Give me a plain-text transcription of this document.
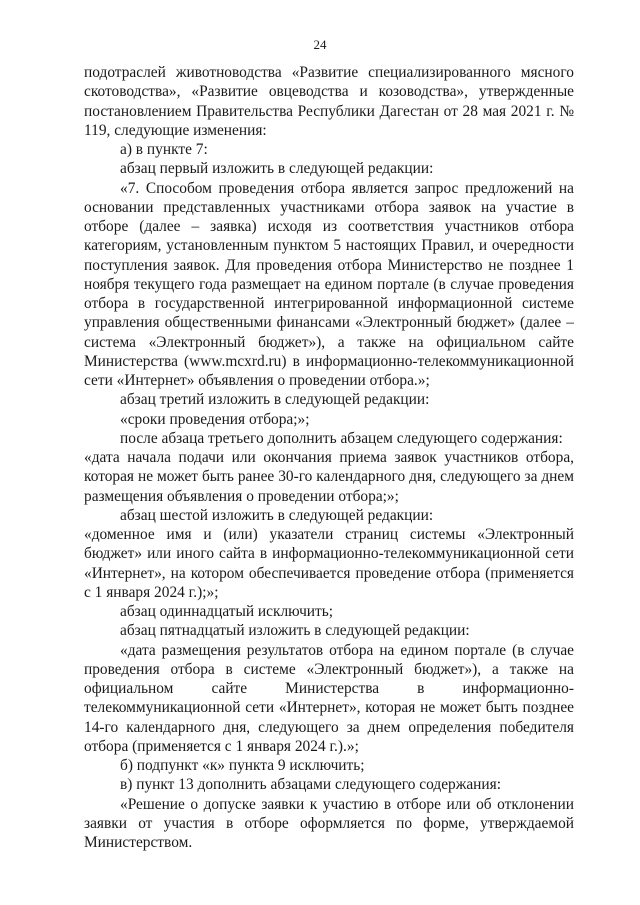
24

подотраслей животноводства «Развитие специализированного мясного скотоводства», «Развитие овцеводства и козоводства», утвержденные постановлением Правительства Республики Дагестан от 28 мая 2021 г. № 119, следующие изменения:

а) в пункте 7:

абзац первый изложить в следующей редакции:

«7. Способом проведения отбора является запрос предложений на основании представленных участниками отбора заявок на участие в отборе (далее – заявка) исходя из соответствия участников отбора категориям, установленным пунктом 5 настоящих Правил, и очередности поступления заявок. Для проведения отбора Министерство не позднее 1 ноября текущего года размещает на едином портале (в случае проведения отбора в государственной интегрированной информационной системе управления общественными финансами «Электронный бюджет» (далее – система «Электронный бюджет»), а также на официальном сайте Министерства (www.mcxrd.ru) в информационно-телекоммуникационной сети «Интернет» объявления о проведении отбора.»;

абзац третий изложить в следующей редакции:

«сроки проведения отбора;»;

после абзаца третьего дополнить абзацем следующего содержания:

«дата начала подачи или окончания приема заявок участников отбора, которая не может быть ранее 30-го календарного дня, следующего за днем размещения объявления о проведении отбора;»;

абзац шестой изложить в следующей редакции:

«доменное имя и (или) указатели страниц системы «Электронный бюджет» или иного сайта в информационно-телекоммуникационной сети «Интернет», на котором обеспечивается проведение отбора (применяется с 1 января 2024 г.);»;

абзац одиннадцатый исключить;

абзац пятнадцатый изложить в следующей редакции:

«дата размещения результатов отбора на едином портале (в случае проведения отбора в системе «Электронный бюджет»), а также на официальном сайте Министерства в информационно-телекоммуникационной сети «Интернет», которая не может быть позднее 14-го календарного дня, следующего за днем определения победителя отбора (применяется с 1 января 2024 г.).»;

б) подпункт «к» пункта 9 исключить;

в) пункт 13 дополнить абзацами следующего содержания:

«Решение о допуске заявки к участию в отборе или об отклонении заявки от участия в отборе оформляется по форме, утверждаемой Министерством.
